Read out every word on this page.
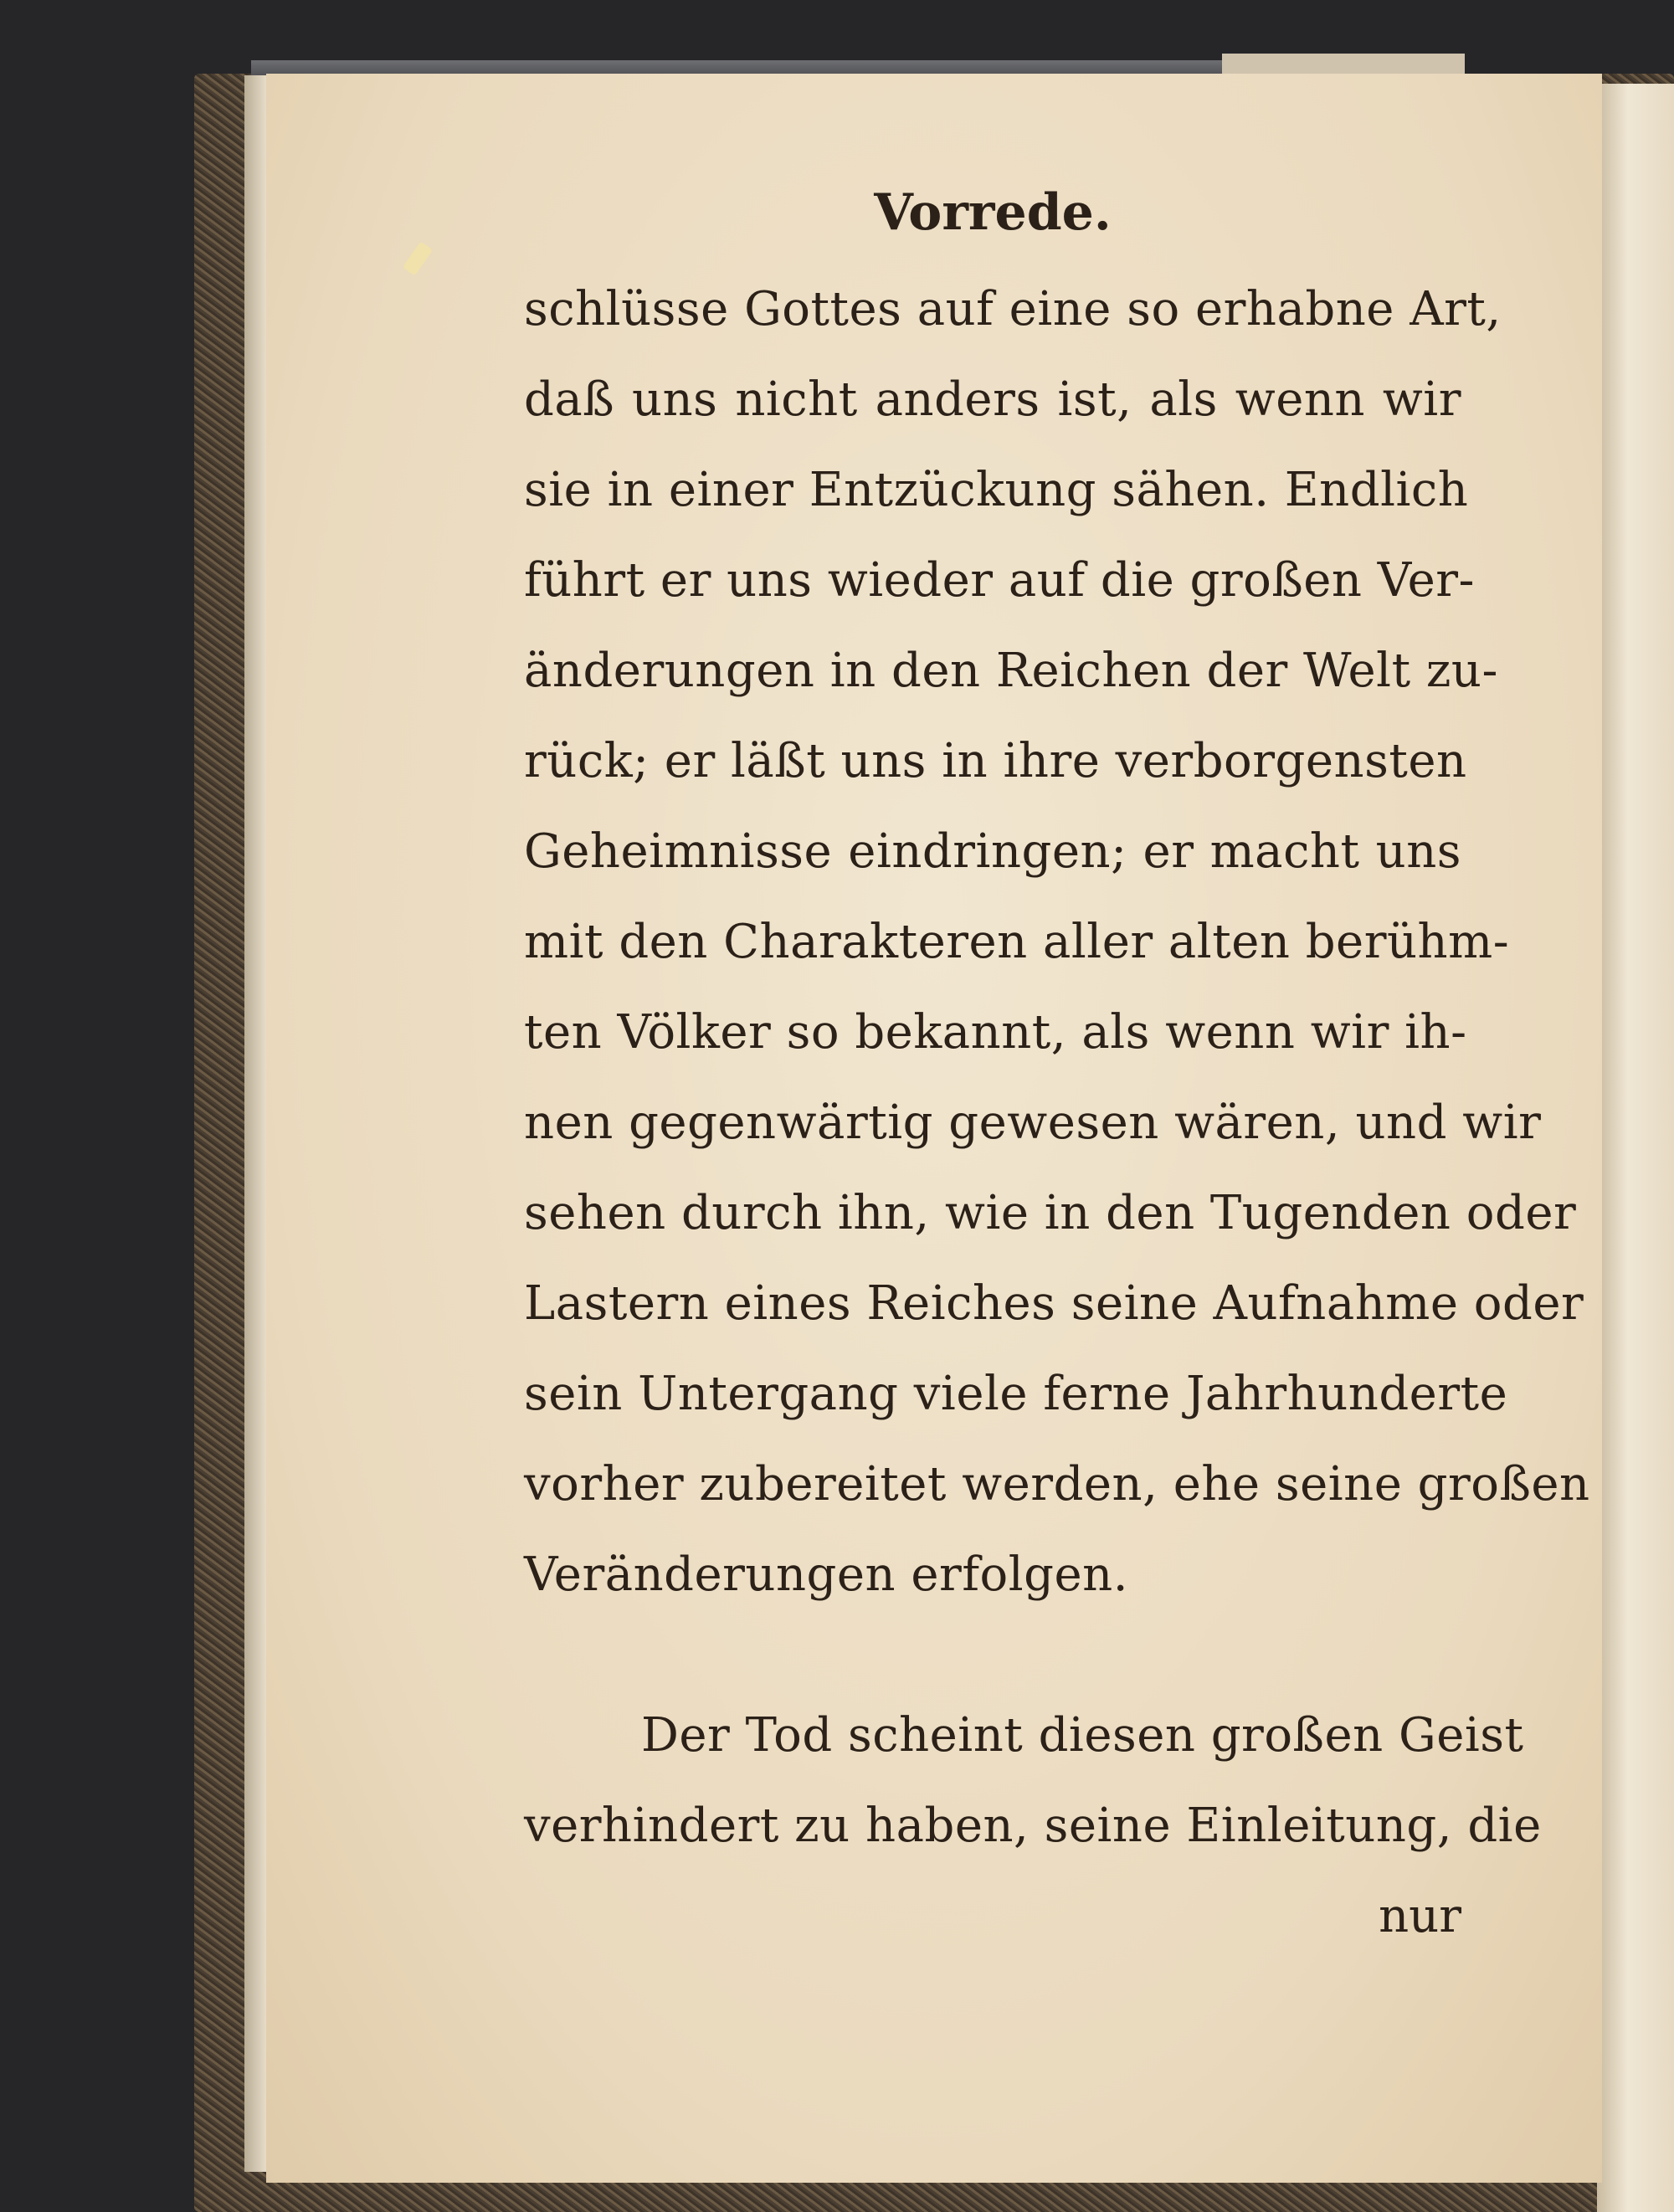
Vorrede.
schlüsse Gottes auf eine so erhabne Art,
daß uns nicht anders ist, als wenn wir
sie in einer Entzückung sähen. Endlich
führt er uns wieder auf die großen Ver-
änderungen in den Reichen der Welt zu-
rück; er läßt uns in ihre verborgensten
Geheimnisse eindringen; er macht uns
mit den Charakteren aller alten berühm-
ten Völker so bekannt, als wenn wir ih-
nen gegenwärtig gewesen wären, und wir
sehen durch ihn, wie in den Tugenden oder
Lastern eines Reiches seine Aufnahme oder
sein Untergang viele ferne Jahrhunderte
vorher zubereitet werden, ehe seine großen
Veränderungen erfolgen.
Der Tod scheint diesen großen Geist
verhindert zu haben, seine Einleitung, die
nur
